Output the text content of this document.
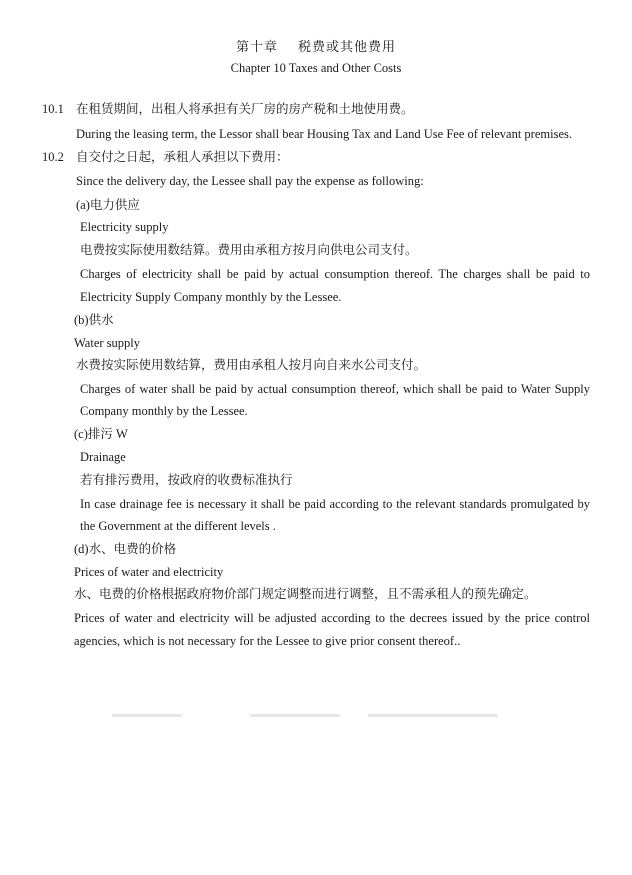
第十章 税费或其他费用
Chapter 10 Taxes and Other Costs
10.1 在租赁期间，出租人将承担有关厂房的房产税和土地使用费。
During the leasing term, the Lessor shall bear Housing Tax and Land Use Fee of relevant premises.
10.2 自交付之日起，承租人承担以下费用：
Since the delivery day, the Lessee shall pay the expense as following:
(a)电力供应
Electricity supply
电费按实际使用数结算。费用由承租方按月向供电公司支付。
Charges of electricity shall be paid by actual consumption thereof. The charges shall be paid to
Electricity Supply Company monthly by the Lessee.
(b)供水
Water supply
水费按实际使用数结算，费用由承租人按月向自来水公司支付。
Charges of water shall be paid by actual consumption thereof, which shall be paid to Water Supply
Company monthly by the Lessee.
(c)排污 W
Drainage
若有排污费用，按政府的收费标准执行
In case drainage fee is necessary it shall be paid according to the relevant standards promulgated by
the Government at the different levels .
(d)水、电费的价格
Prices of water and electricity
水、电费的价格根据政府物价部门规定调整而进行调整，且不需承租人的预先确定。
Prices of water and electricity will be adjusted according to the decrees issued by the price control
agencies, which is not necessary for the Lessee to give prior consent thereof..
